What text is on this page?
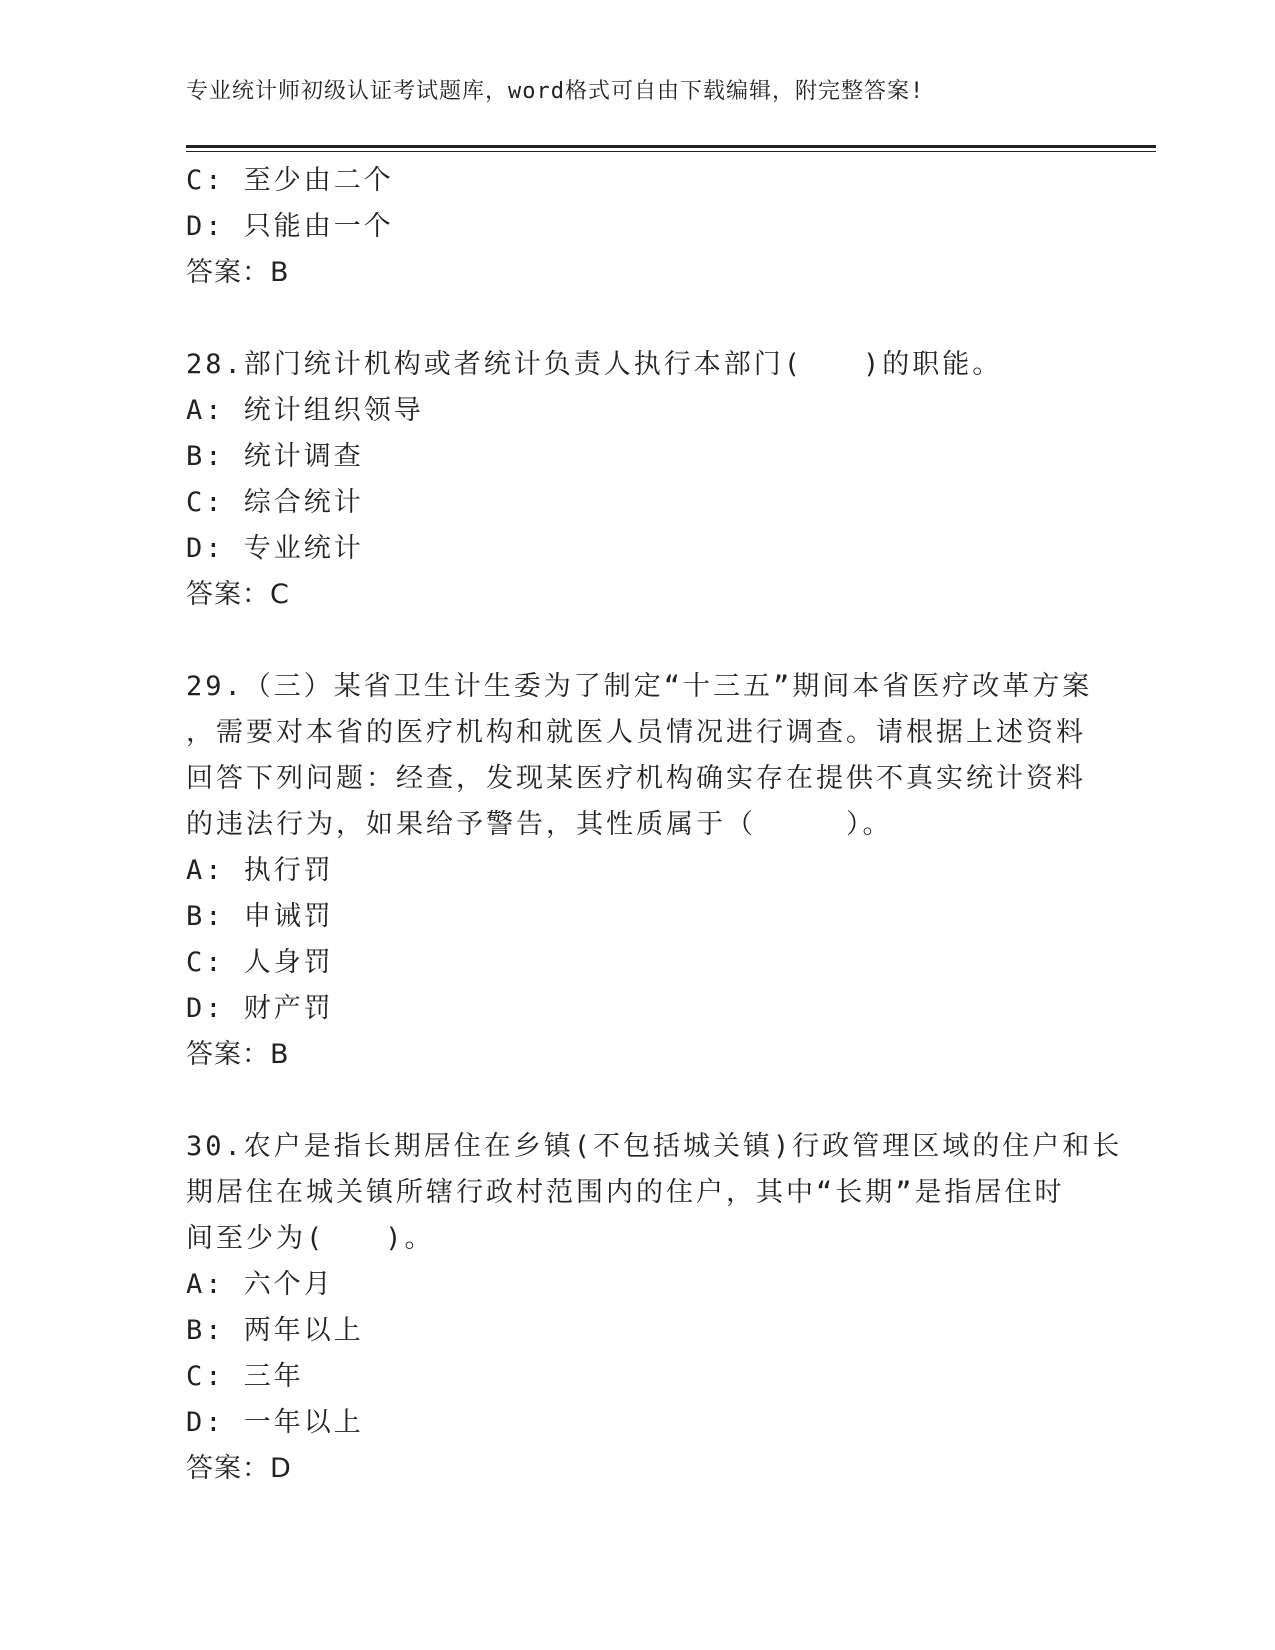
专业统计师初级认证考试题库，word格式可自由下载编辑，附完整答案!
C: 至少由二个
D: 只能由一个
答案：B
28.部门统计机构或者统计负责人执行本部门(　　)的职能。
A: 统计组织领导
B: 统计调查
C: 综合统计
D: 专业统计
答案：C
29.（三）某省卫生计生委为了制定“十三五”期间本省医疗改革方案
，需要对本省的医疗机构和就医人员情况进行调查。请根据上述资料
回答下列问题：经查，发现某医疗机构确实存在提供不真实统计资料
的违法行为，如果给予警告，其性质属于（　　　）。
A: 执行罚
B: 申诫罚
C: 人身罚
D: 财产罚
答案：B
30.农户是指长期居住在乡镇(不包括城关镇)行政管理区域的住户和长
期居住在城关镇所辖行政村范围内的住户，其中“长期”是指居住时
间至少为(　　)。
A: 六个月
B: 两年以上
C: 三年
D: 一年以上
答案：D
